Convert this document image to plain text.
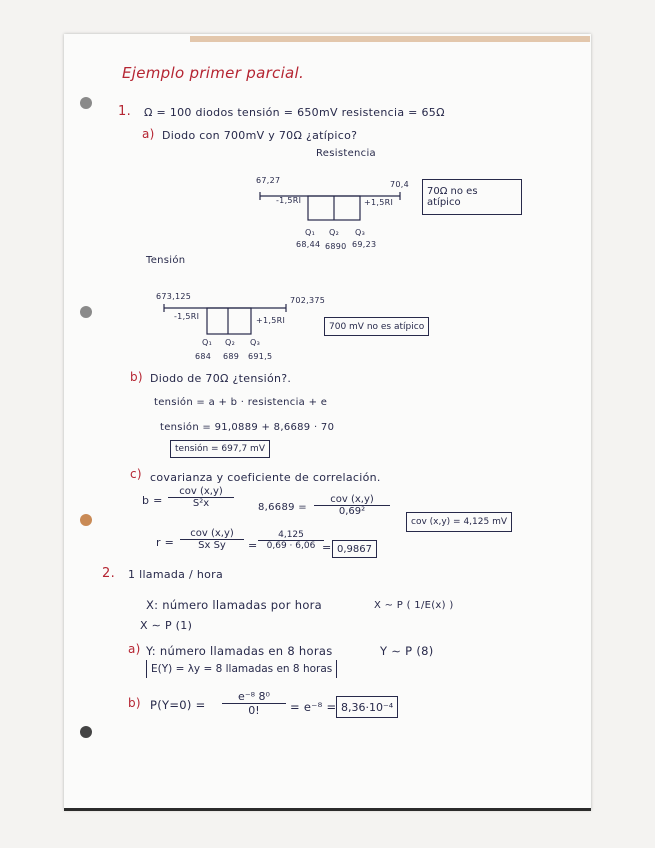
Ejemplo primer parcial.
1. Ω = 100 diodos tensión = 650mV resistencia = 65Ω
a) Diodo con 700mV y 70Ω ¿atípico?
Resistencia
67,27	70,4
-1,5RI	+1,5RI
Q₁ Q₂ Q₃
68,44 6890 69,23
70Ω no es
atípico
Tensión
673,125	702,375
-1,5RI	+1,5RI
Q₁ Q₂ Q₃
684 689 691,5
700 mV no es atípico
b) Diodo de 70Ω ¿tensión?.
tensión = a + b · resistencia + e
tensión = 91,0889 + 8,6689 · 70
tensión = 697,7 mV
c) covarianza y coeficiente de correlación.
b =
cov (x,y)
S²x	8,6689 =
cov (x,y)
0,69²
cov (x,y) = 4,125 mV
r =
cov (x,y)
Sx Sy	= $\frac{4,125}{0,69 \cdot 6,06}$
= 0,9867
2. 1 llamada / hora
X: número llamadas por hora	X ∼ P ( 1/E(x) )
X ∼ P (1)
a) Y: número llamadas en 8 horas	Y ∼ P (8)
E(Y) = λy = 8 llamadas en 8 horas
b) $P(Y=0) = \frac{\text{e⁻⁸ 8⁰}}{0!} = e^{-8} = 8,36\cdot 10^{-4}$
